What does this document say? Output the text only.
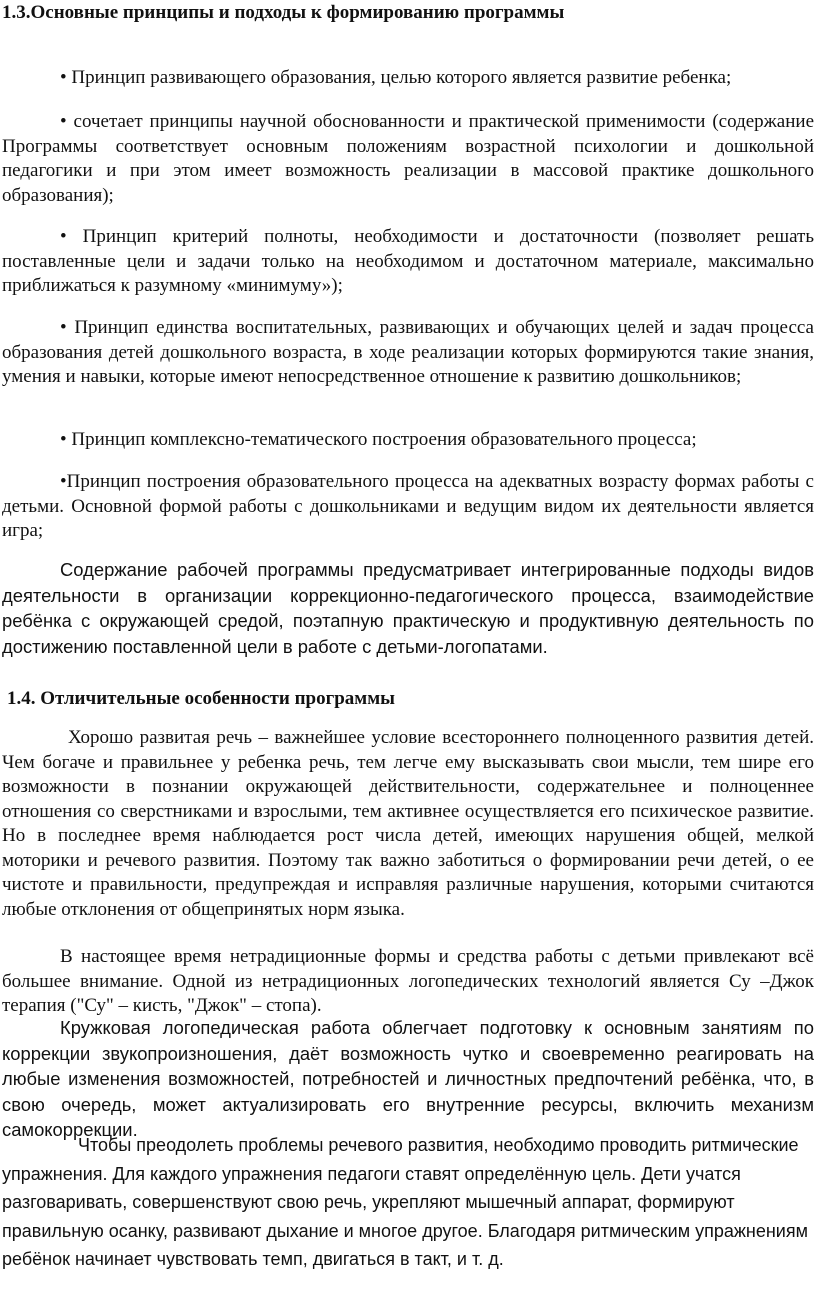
1.3.Основные принципы и подходы к формированию программы

• Принцип развивающего образования, целью которого является развитие ребенка;

• сочетает принципы научной обоснованности и практической применимости (содержание Программы соответствует основным положениям возрастной психологии и дошкольной педагогики и при этом имеет возможность реализации в массовой практике дошкольного образования);

• Принцип критерий полноты, необходимости и достаточности (позволяет решать поставленные цели и задачи только на необходимом и достаточном материале, максимально приближаться к разумному «минимуму»);

• Принцип единства воспитательных, развивающих и обучающих целей и задач процесса образования детей дошкольного возраста, в ходе реализации которых формируются такие знания, умения и навыки, которые имеют непосредственное отношение к развитию дошкольников;

• Принцип комплексно-тематического построения образовательного процесса;

•Принцип построения образовательного процесса на адекватных возрасту формах работы с детьми. Основной формой работы с дошкольниками и ведущим видом их деятельности является игра;

Содержание рабочей программы предусматривает интегрированные подходы видов деятельности в организации коррекционно-педагогического процесса, взаимодействие ребёнка с окружающей средой, поэтапную практическую и продуктивную деятельность по достижению поставленной цели в работе с детьми-логопатами.

1.4. Отличительные особенности программы

Хорошо развитая речь – важнейшее условие всестороннего полноценного развития детей. Чем богаче и правильнее у ребенка речь, тем легче ему высказывать свои мысли, тем шире его возможности в познании окружающей действительности, содержательнее и полноценнее отношения со сверстниками и взрослыми, тем активнее осуществляется его психическое развитие. Но в последнее время наблюдается рост числа детей, имеющих нарушения общей, мелкой моторики и речевого развития. Поэтому так важно заботиться о формировании речи детей, о ее чистоте и правильности, предупреждая и исправляя различные нарушения, которыми считаются любые отклонения от общепринятых норм языка.

В настоящее время нетрадиционные формы и средства работы с детьми привлекают всё большее внимание. Одной из нетрадиционных логопедических технологий является Су –Джок терапия ("Су" – кисть, "Джок" – стопа).

Кружковая логопедическая работа облегчает подготовку к основным занятиям по коррекции звукопроизношения, даёт возможность чутко и своевременно реагировать на любые изменения возможностей, потребностей и личностных предпочтений ребёнка, что, в свою очередь, может актуализировать его внутренние ресурсы, включить механизм самокоррекции.

Чтобы преодолеть проблемы речевого развития, необходимо проводить ритмические упражнения. Для каждого упражнения педагоги ставят определённую цель. Дети учатся разговаривать, совершенствуют свою речь, укрепляют мышечный аппарат, формируют правильную осанку, развивают дыхание и многое другое. Благодаря ритмическим упражнениям ребёнок начинает чувствовать темп, двигаться в такт, и т. д.
